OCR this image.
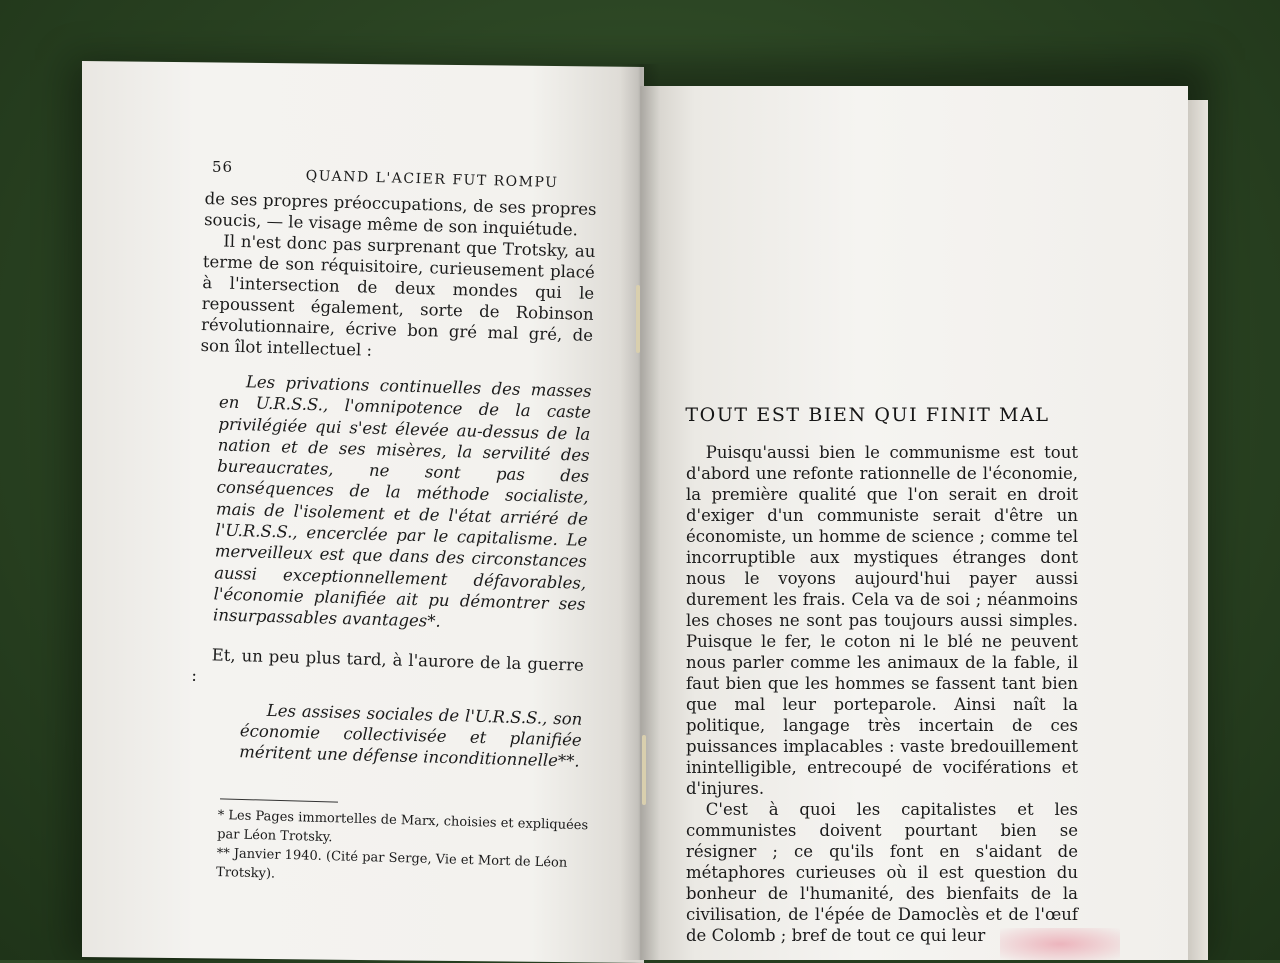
56
QUAND L'ACIER FUT ROMPU

de ses propres préoccupations, de ses propres soucis, — le visage même de son inquiétude.

Il n'est donc pas surprenant que Trotsky, au terme de son réquisitoire, curieusement placé à l'intersection de deux mondes qui le repoussent également, sorte de Robinson révolutionnaire, écrive bon gré mal gré, de son îlot intellectuel :

Les privations continuelles des masses en U.R.S.S., l'omnipotence de la caste privilégiée qui s'est élevée au-dessus de la nation et de ses misères, la servilité des bureaucrates, ne sont pas des conséquences de la méthode socialiste, mais de l'isolement et de l'état arriéré de l'U.R.S.S., encerclée par le capitalisme. Le merveilleux est que dans des circonstances aussi exceptionnellement défavorables, l'économie planifiée ait pu démontrer ses insurpassables avantages*.

Et, un peu plus tard, à l'aurore de la guerre :

Les assises sociales de l'U.R.S.S., son économie collectivisée et planifiée méritent une défense inconditionnelle**.

* Les Pages immortelles de Marx, choisies et expliquées par Léon Trotsky.

** Janvier 1940. (Cité par Serge, Vie et Mort de Léon Trotsky).

TOUT EST BIEN QUI FINIT MAL

Puisqu'aussi bien le communisme est tout d'abord une refonte rationnelle de l'économie, la première qualité que l'on serait en droit d'exiger d'un communiste serait d'être un économiste, un homme de science ; comme tel incorruptible aux mystiques étranges dont nous le voyons aujourd'hui payer aussi durement les frais. Cela va de soi ; néanmoins les choses ne sont pas toujours aussi simples. Puisque le fer, le coton ni le blé ne peuvent nous parler comme les animaux de la fable, il faut bien que les hommes se fassent tant bien que mal leur porteparole. Ainsi naît la politique, langage très incertain de ces puissances implacables : vaste bredouillement inintelligible, entrecoupé de vociférations et d'injures.

C'est à quoi les capitalistes et les communistes doivent pourtant bien se résigner ; ce qu'ils font en s'aidant de métaphores curieuses où il est question du bonheur de l'humanité, des bienfaits de la civilisation, de l'épée de Damoclès et de l'œuf de Colomb ; bref de tout ce qui leur
